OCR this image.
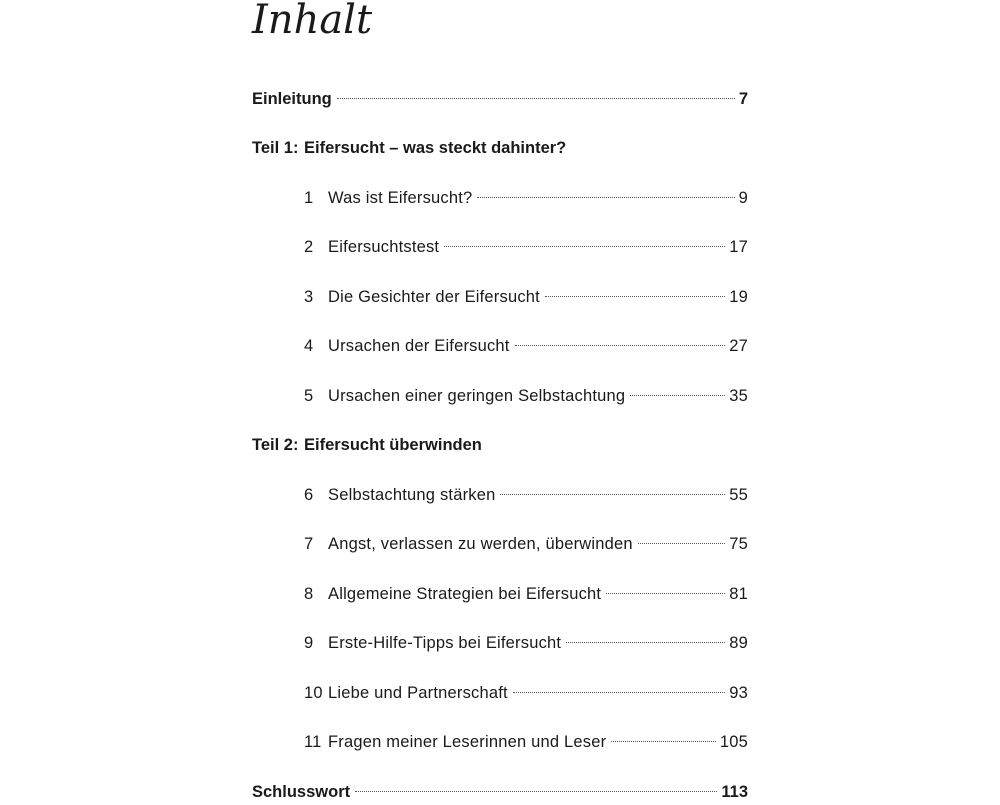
Inhalt
Einleitung	7
Teil 1: Eifersucht – was steckt dahinter?
1 Was ist Eifersucht?	9
2 Eifersuchtstest	17
3 Die Gesichter der Eifersucht	19
4 Ursachen der Eifersucht	27
5 Ursachen einer geringen Selbstachtung	35
Teil 2: Eifersucht überwinden
6 Selbstachtung stärken	55
7 Angst, verlassen zu werden, überwinden	75
8 Allgemeine Strategien bei Eifersucht	81
9 Erste-Hilfe-Tipps bei Eifersucht	89
10 Liebe und Partnerschaft	93
11 Fragen meiner Leserinnen und Leser	105
Schlusswort	113
